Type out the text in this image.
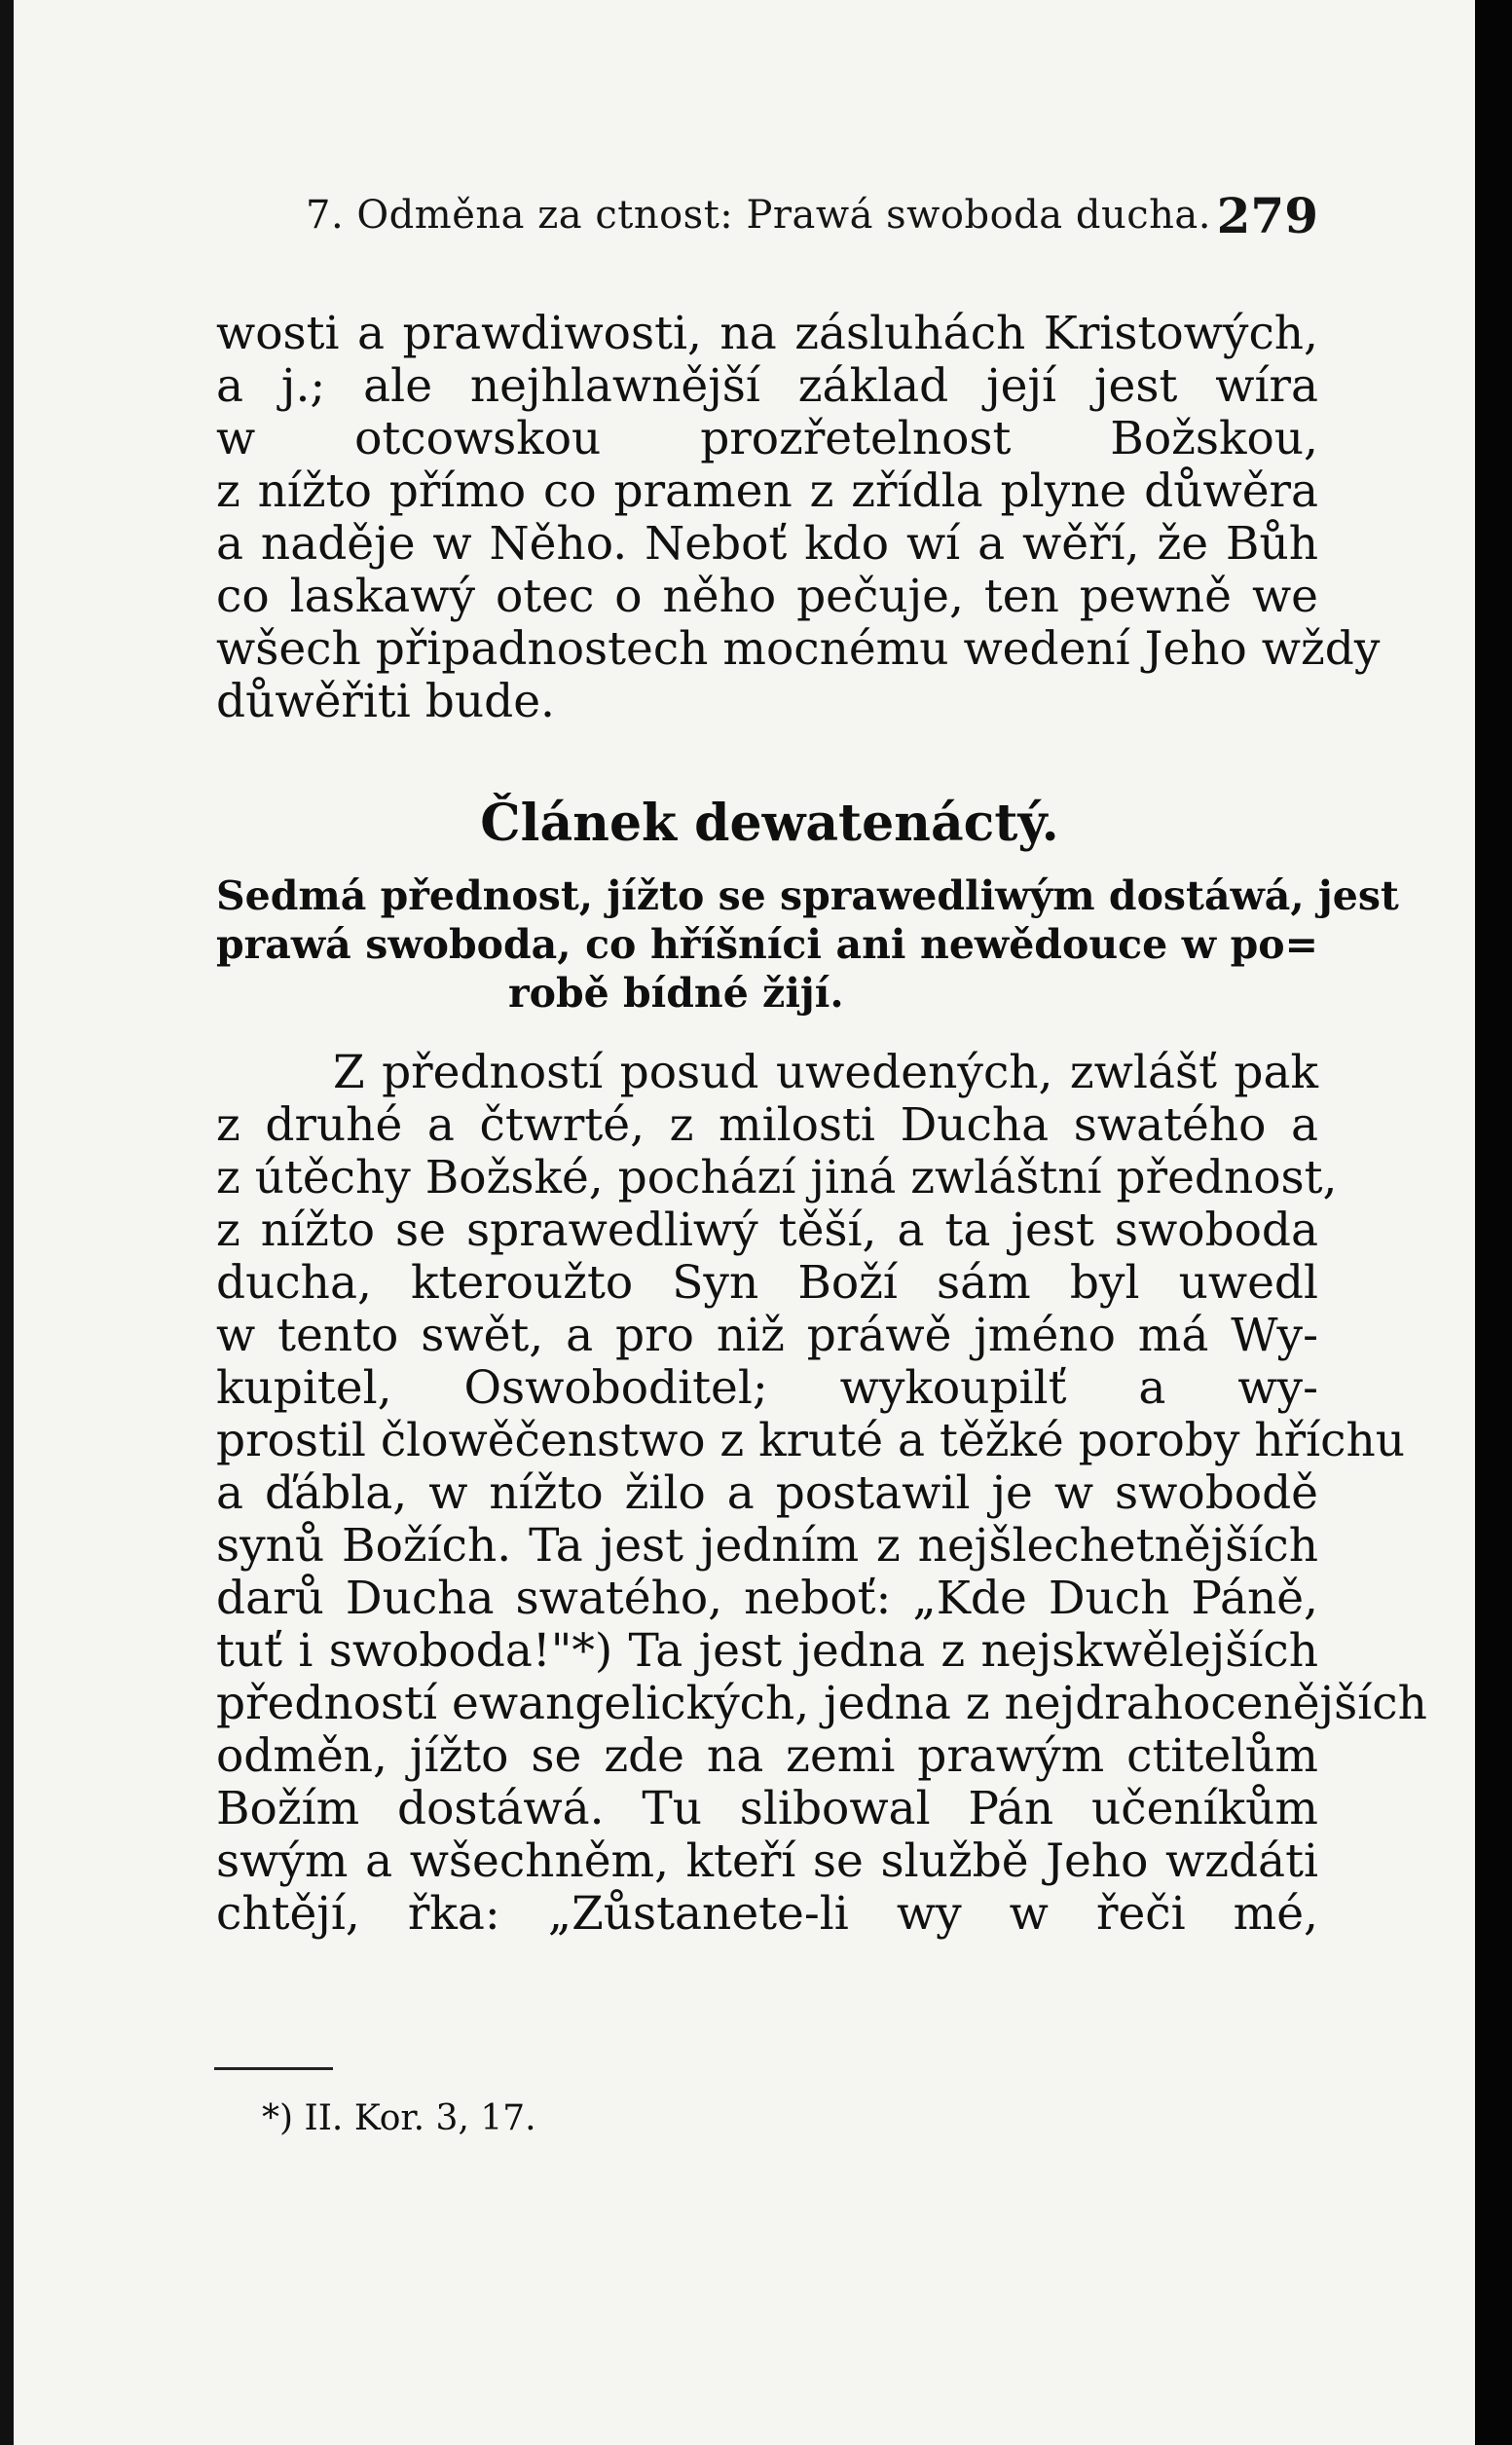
7. Odměna za ctnost: Prawá swoboda ducha. 279
wosti a prawdiwosti, na zásluhách Kristowých,
a j.; ale nejhlawnější základ její jest wíra
w otcowskou prozřetelnost Božskou,
z nížto přímo co pramen z zřídla plyne důwěra
a naděje w Něho. Neboť kdo wí a wěří, že Bůh
co laskawý otec o něho pečuje, ten pewně we
wšech připadnostech mocnému wedení Jeho wždy
důwěřiti bude.
Článek dewatenáctý.
Sedmá přednost, jížto se sprawedliwým dostáwá, jest
prawá swoboda, co hříšníci ani newědouce w po=
robě bídné žijí.
Z předností posud uwedených, zwlášť pak
z druhé a čtwrté, z milosti Ducha swatého a
z útěchy Božské, pochází jiná zwláštní přednost,
z nížto se sprawedliwý těší, a ta jest swoboda
ducha, kteroužto Syn Boží sám byl uwedl
w tento swět, a pro niž práwě jméno má Wy-
kupitel, Oswoboditel; wykoupilť a wy-
prostil člowěčenstwo z kruté a těžké poroby hříchu
a ďábla, w nížto žilo a postawil je w swobodě
synů Božích. Ta jest jedním z nejšlechetnějších
darů Ducha swatého, neboť: „Kde Duch Páně,
tuť i swoboda!"*) Ta jest jedna z nejskwělejších
předností ewangelických, jedna z nejdrahocenějších
odměn, jížto se zde na zemi prawým ctitelům
Božím dostáwá. Tu slibowal Pán učeníkům
swým a wšechněm, kteří se službě Jeho wzdáti
chtějí, řka: „Zůstanete-li wy w řeči mé,
*) II. Kor. 3, 17.
